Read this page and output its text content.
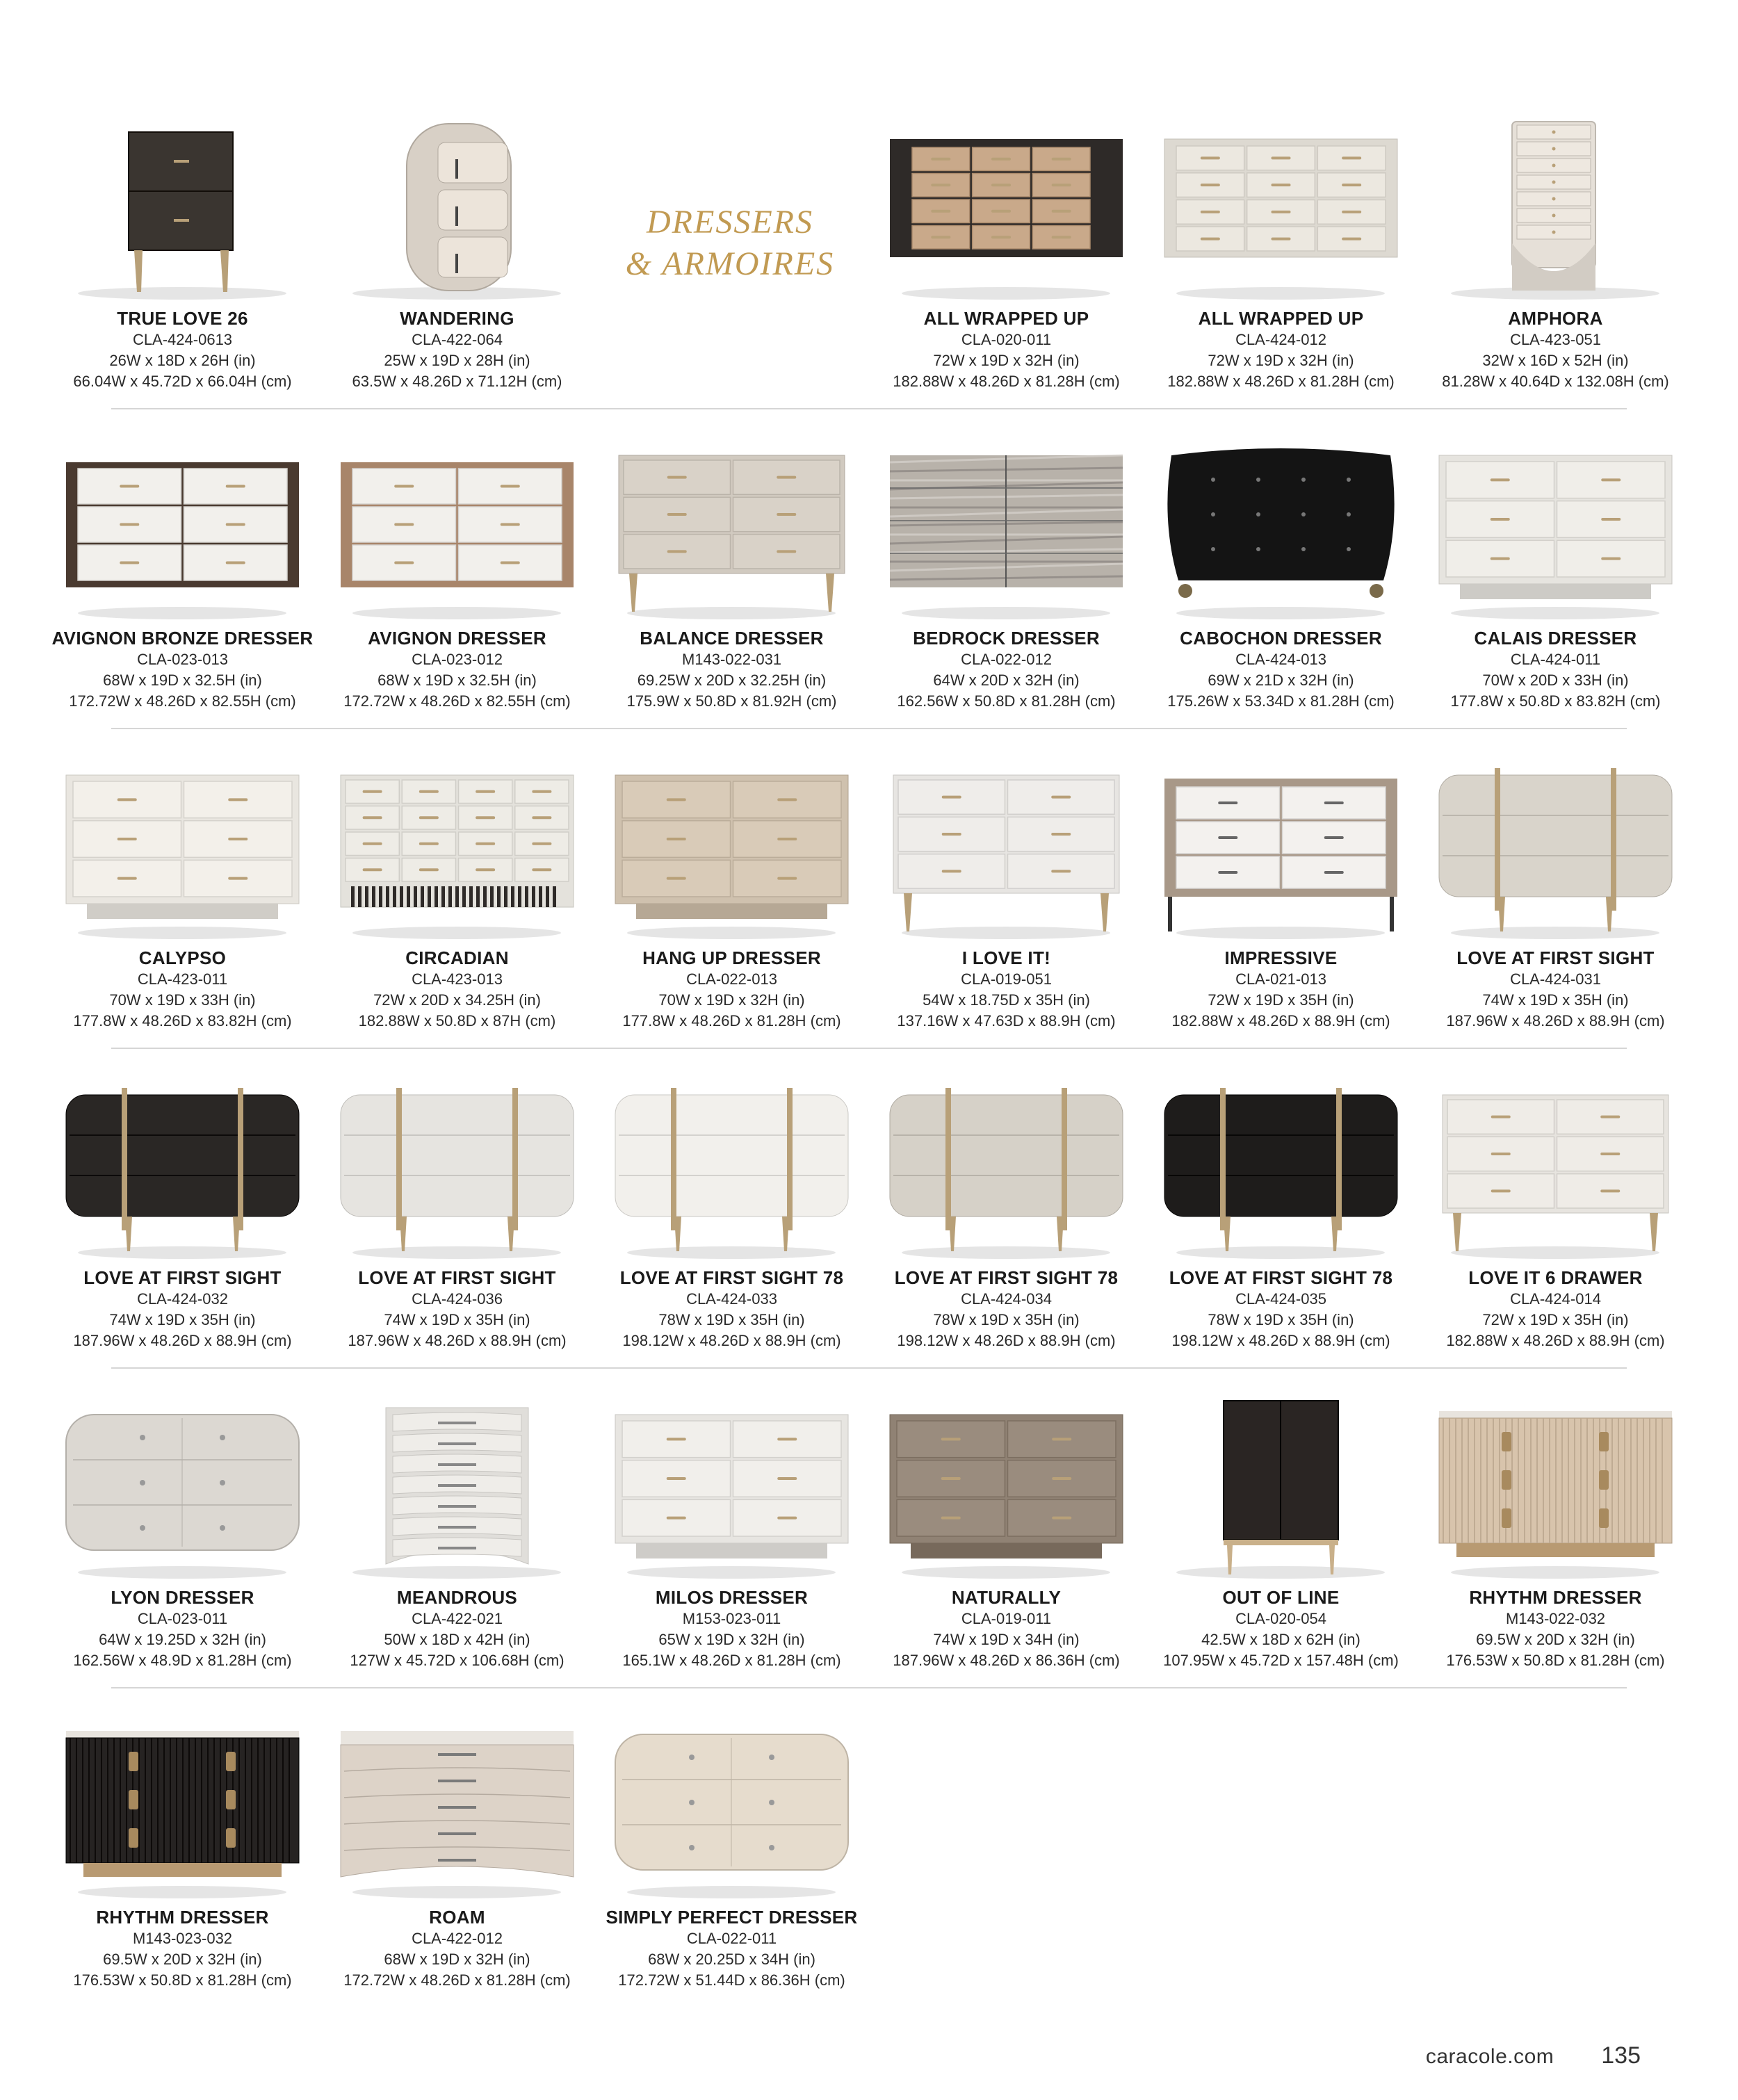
DRESSERS
& ARMOIRES
TRUE LOVE 26
CLA-424-0613
26W x 18D x 26H (in)
66.04W x 45.72D x 66.04H (cm)
WANDERING
CLA-422-064
25W x 19D x 28H (in)
63.5W x 48.26D x 71.12H (cm)
ALL WRAPPED UP
CLA-020-011
72W x 19D x 32H (in)
182.88W x 48.26D x 81.28H (cm)
ALL WRAPPED UP
CLA-424-012
72W x 19D x 32H (in)
182.88W x 48.26D x 81.28H (cm)
AMPHORA
CLA-423-051
32W x 16D x 52H (in)
81.28W x 40.64D x 132.08H (cm)
AVIGNON BRONZE DRESSER
CLA-023-013
68W x 19D x 32.5H (in)
172.72W x 48.26D x 82.55H (cm)
AVIGNON DRESSER
CLA-023-012
68W x 19D x 32.5H (in)
172.72W x 48.26D x 82.55H (cm)
BALANCE DRESSER
M143-022-031
69.25W x 20D x 32.25H (in)
175.9W x 50.8D x 81.92H (cm)
BEDROCK DRESSER
CLA-022-012
64W x 20D x 32H (in)
162.56W x 50.8D x 81.28H (cm)
CABOCHON DRESSER
CLA-424-013
69W x 21D x 32H (in)
175.26W x 53.34D x 81.28H (cm)
CALAIS DRESSER
CLA-424-011
70W x 20D x 33H (in)
177.8W x 50.8D x 83.82H (cm)
CALYPSO
CLA-423-011
70W x 19D x 33H (in)
177.8W x 48.26D x 83.82H (cm)
CIRCADIAN
CLA-423-013
72W x 20D x 34.25H (in)
182.88W x 50.8D x 87H (cm)
HANG UP DRESSER
CLA-022-013
70W x 19D x 32H (in)
177.8W x 48.26D x 81.28H (cm)
I LOVE IT!
CLA-019-051
54W x 18.75D x 35H (in)
137.16W x 47.63D x 88.9H (cm)
IMPRESSIVE
CLA-021-013
72W x 19D x 35H (in)
182.88W x 48.26D x 88.9H (cm)
LOVE AT FIRST SIGHT
CLA-424-031
74W x 19D x 35H (in)
187.96W x 48.26D x 88.9H (cm)
LOVE AT FIRST SIGHT
CLA-424-032
74W x 19D x 35H (in)
187.96W x 48.26D x 88.9H (cm)
LOVE AT FIRST SIGHT
CLA-424-036
74W x 19D x 35H (in)
187.96W x 48.26D x 88.9H (cm)
LOVE AT FIRST SIGHT 78
CLA-424-033
78W x 19D x 35H (in)
198.12W x 48.26D x 88.9H (cm)
LOVE AT FIRST SIGHT 78
CLA-424-034
78W x 19D x 35H (in)
198.12W x 48.26D x 88.9H (cm)
LOVE AT FIRST SIGHT 78
CLA-424-035
78W x 19D x 35H (in)
198.12W x 48.26D x 88.9H (cm)
LOVE IT 6 DRAWER
CLA-424-014
72W x 19D x 35H (in)
182.88W x 48.26D x 88.9H (cm)
LYON DRESSER
CLA-023-011
64W x 19.25D x 32H (in)
162.56W x 48.9D x 81.28H (cm)
MEANDROUS
CLA-422-021
50W x 18D x 42H (in)
127W x 45.72D x 106.68H (cm)
MILOS DRESSER
M153-023-011
65W x 19D x 32H (in)
165.1W x 48.26D x 81.28H (cm)
NATURALLY
CLA-019-011
74W x 19D x 34H (in)
187.96W x 48.26D x 86.36H (cm)
OUT OF LINE
CLA-020-054
42.5W x 18D x 62H (in)
107.95W x 45.72D x 157.48H (cm)
RHYTHM DRESSER
M143-022-032
69.5W x 20D x 32H (in)
176.53W x 50.8D x 81.28H (cm)
RHYTHM DRESSER
M143-023-032
69.5W x 20D x 32H (in)
176.53W x 50.8D x 81.28H (cm)
ROAM
CLA-422-012
68W x 19D x 32H (in)
172.72W x 48.26D x 81.28H (cm)
SIMPLY PERFECT DRESSER
CLA-022-011
68W x 20.25D x 34H (in)
172.72W x 51.44D x 86.36H (cm)
caracole.com 135
